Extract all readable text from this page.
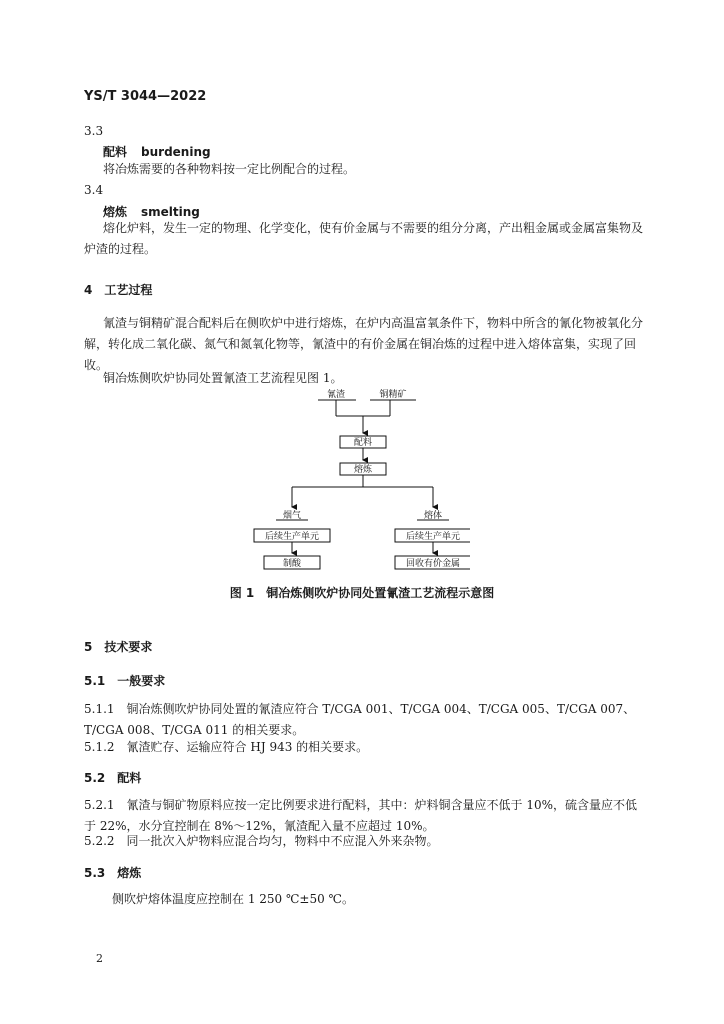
YS/T 3044—2022
3.3
配料 burdening
将冶炼需要的各种物料按一定比例配合的过程。
3.4
熔炼 smelting
熔化炉料，发生一定的物理、化学变化，使有价金属与不需要的组分分离，产出粗金属或金属富集物及炉渣的过程。
4　工艺过程
氰渣与铜精矿混合配料后在侧吹炉中进行熔炼，在炉内高温富氧条件下，物料中所含的氰化物被氧化分解，转化成二氧化碳、氮气和氮氧化物等，氰渣中的有价金属在铜冶炼的过程中进入熔体富集，实现了回收。
铜冶炼侧吹炉协同处置氰渣工艺流程见图 1。
氰渣	铜精矿
配料
熔炼
烟气
后续生产单元
制酸
熔体
后续生产单元
回收有价金属
图 1　铜冶炼侧吹炉协同处置氰渣工艺流程示意图
5　技术要求
5.1　一般要求
5.1.1　铜冶炼侧吹炉协同处置的氰渣应符合 T/CGA 001、T/CGA 004、T/CGA 005、T/CGA 007、T/CGA 008、T/CGA 011 的相关要求。
5.1.2　氰渣贮存、运输应符合 HJ 943 的相关要求。
5.2　配料
5.2.1　氰渣与铜矿物原料应按一定比例要求进行配料，其中：炉料铜含量应不低于 10%，硫含量应不低于 22%，水分宜控制在 8%～12%，氰渣配入量不应超过 10%。
5.2.2　同一批次入炉物料应混合均匀，物料中不应混入外来杂物。
5.3　熔炼
侧吹炉熔体温度应控制在 1 250 ℃±50 ℃。
2
